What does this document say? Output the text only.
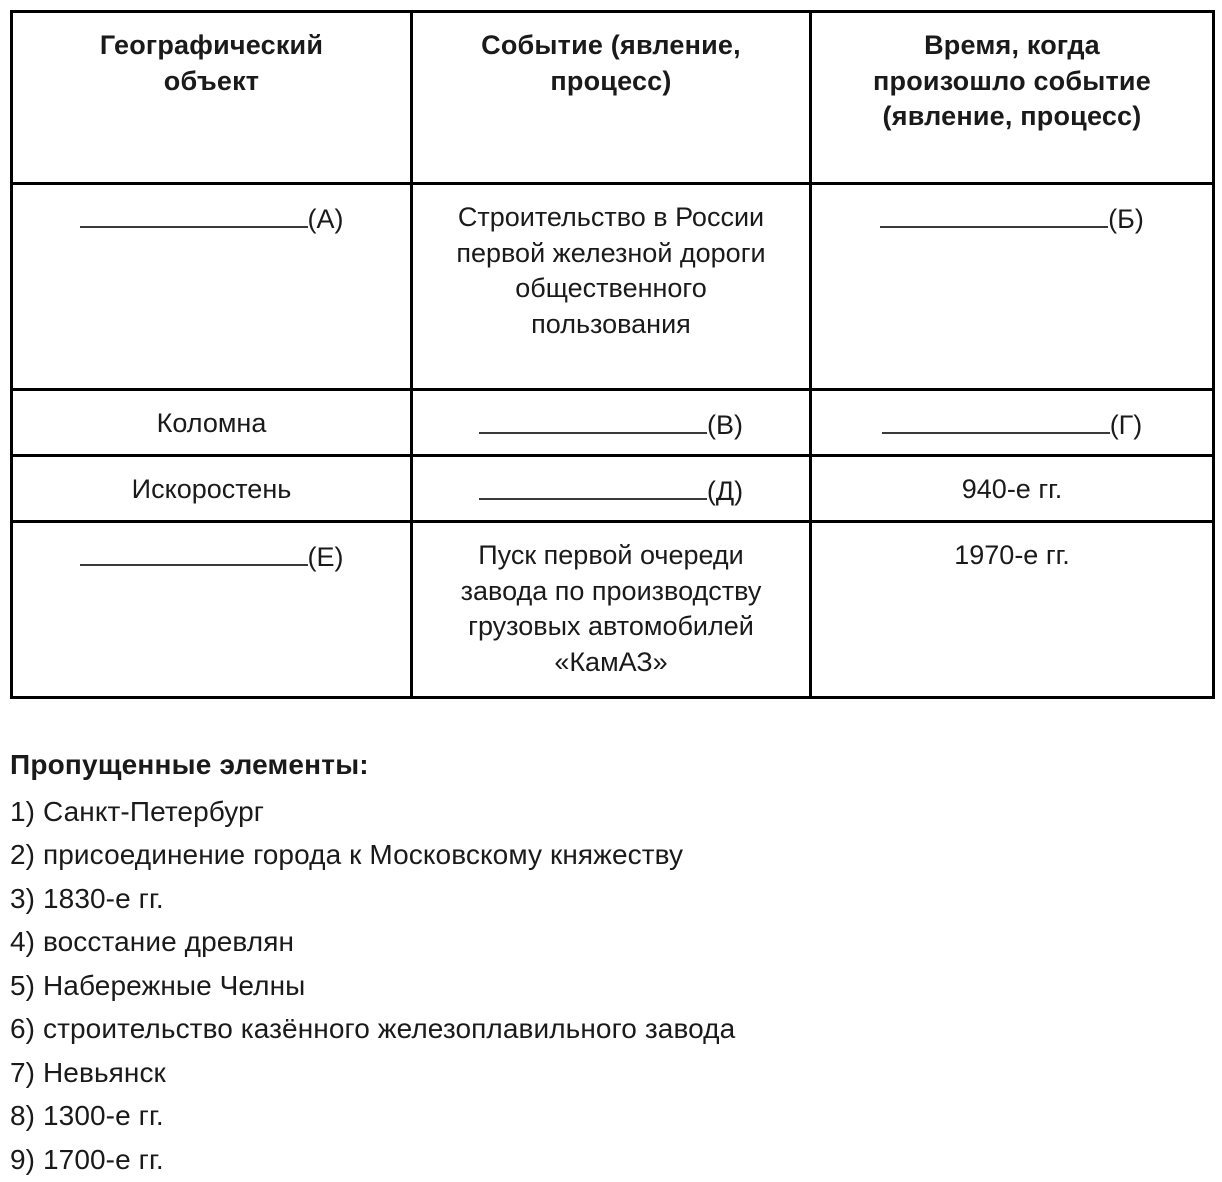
Географический объект	Событие (явление, процесс)	Время, когда произошло событие (явление, процесс)
(А)	Строительство в России первой железной дороги общественного пользования	(Б)
Коломна	(В)	(Г)
Искоростень	(Д)	940-е гг.
(Е)	Пуск первой очереди завода по производству грузовых автомобилей «КамАЗ»	1970-е гг.
Пропущенные элементы:
1) Санкт-Петербург
2) присоединение города к Московскому княжеству
3) 1830-е гг.
4) восстание древлян
5) Набережные Челны
6) строительство казённого железоплавильного завода
7) Невьянск
8) 1300-е гг.
9) 1700-е гг.
